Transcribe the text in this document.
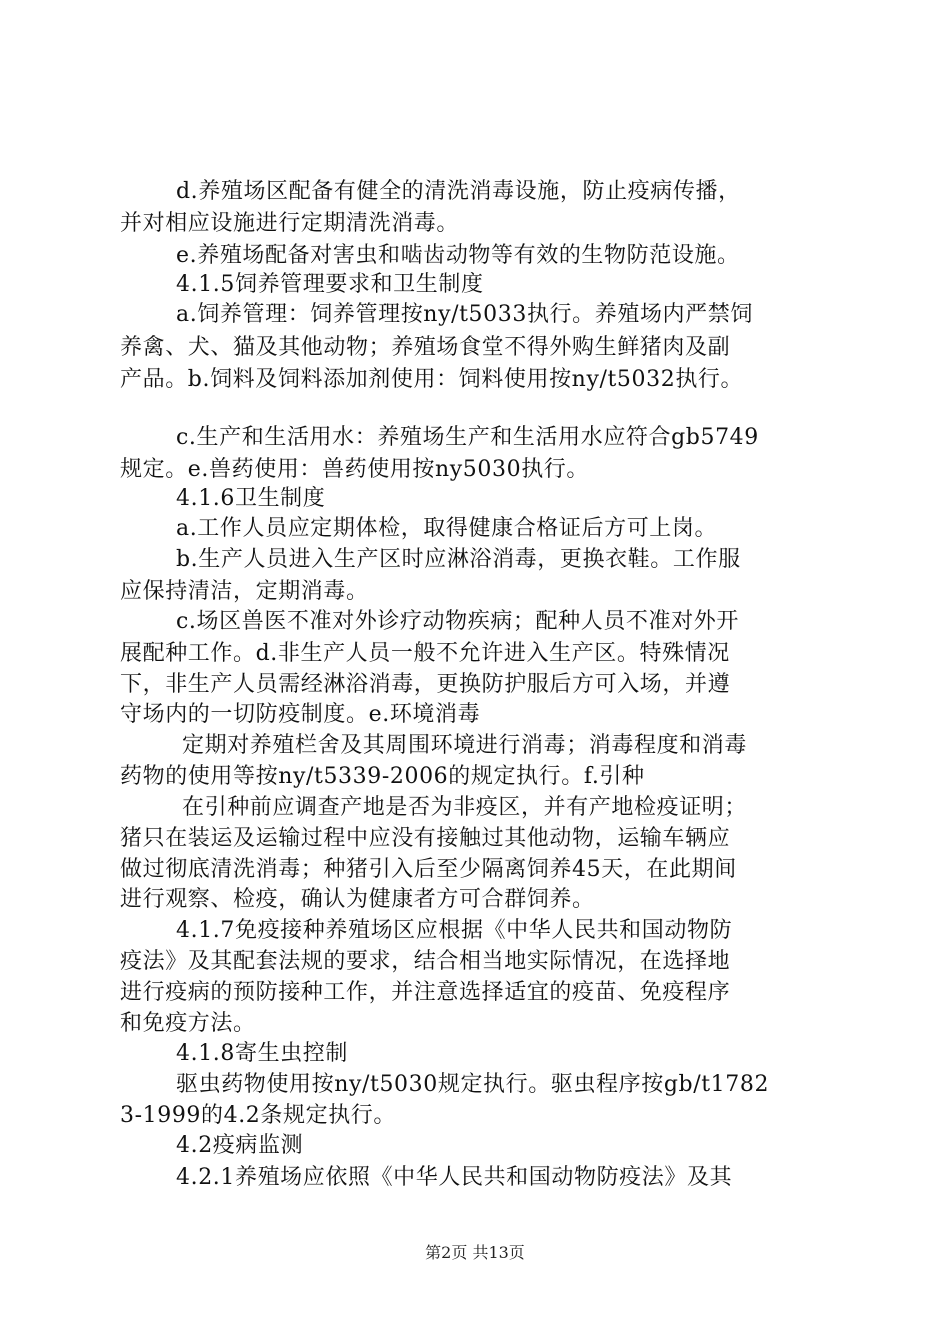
d.养殖场区配备有健全的清洗消毒设施，防止疫病传播，
并对相应设施进行定期清洗消毒。
e.养殖场配备对害虫和啮齿动物等有效的生物防范设施。
4.1.5饲养管理要求和卫生制度
a.饲养管理：饲养管理按ny/t5033执行。养殖场内严禁饲
养禽、犬、猫及其他动物；养殖场食堂不得外购生鲜猪肉及副
产品。b.饲料及饲料添加剂使用：饲料使用按ny/t5032执行。
c.生产和生活用水：养殖场生产和生活用水应符合gb5749
规定。e.兽药使用：兽药使用按ny5030执行。
4.1.6卫生制度
a.工作人员应定期体检，取得健康合格证后方可上岗。
b.生产人员进入生产区时应淋浴消毒，更换衣鞋。工作服
应保持清洁，定期消毒。
c.场区兽医不准对外诊疗动物疾病；配种人员不准对外开
展配种工作。d.非生产人员一般不允许进入生产区。特殊情况
下，非生产人员需经淋浴消毒，更换防护服后方可入场，并遵
守场内的一切防疫制度。e.环境消毒
定期对养殖栏舍及其周围环境进行消毒；消毒程度和消毒
药物的使用等按ny/t5339-2006的规定执行。f.引种
在引种前应调查产地是否为非疫区，并有产地检疫证明；
猪只在装运及运输过程中应没有接触过其他动物，运输车辆应
做过彻底清洗消毒；种猪引入后至少隔离饲养45天，在此期间
进行观察、检疫，确认为健康者方可合群饲养。
4.1.7免疫接种养殖场区应根据《中华人民共和国动物防
疫法》及其配套法规的要求，结合相当地实际情况，在选择地
进行疫病的预防接种工作，并注意选择适宜的疫苗、免疫程序
和免疫方法。
4.1.8寄生虫控制
驱虫药物使用按ny/t5030规定执行。驱虫程序按gb/t1782
3-1999的4.2条规定执行。
4.2疫病监测
4.2.1养殖场应依照《中华人民共和国动物防疫法》及其
第2页 共13页
